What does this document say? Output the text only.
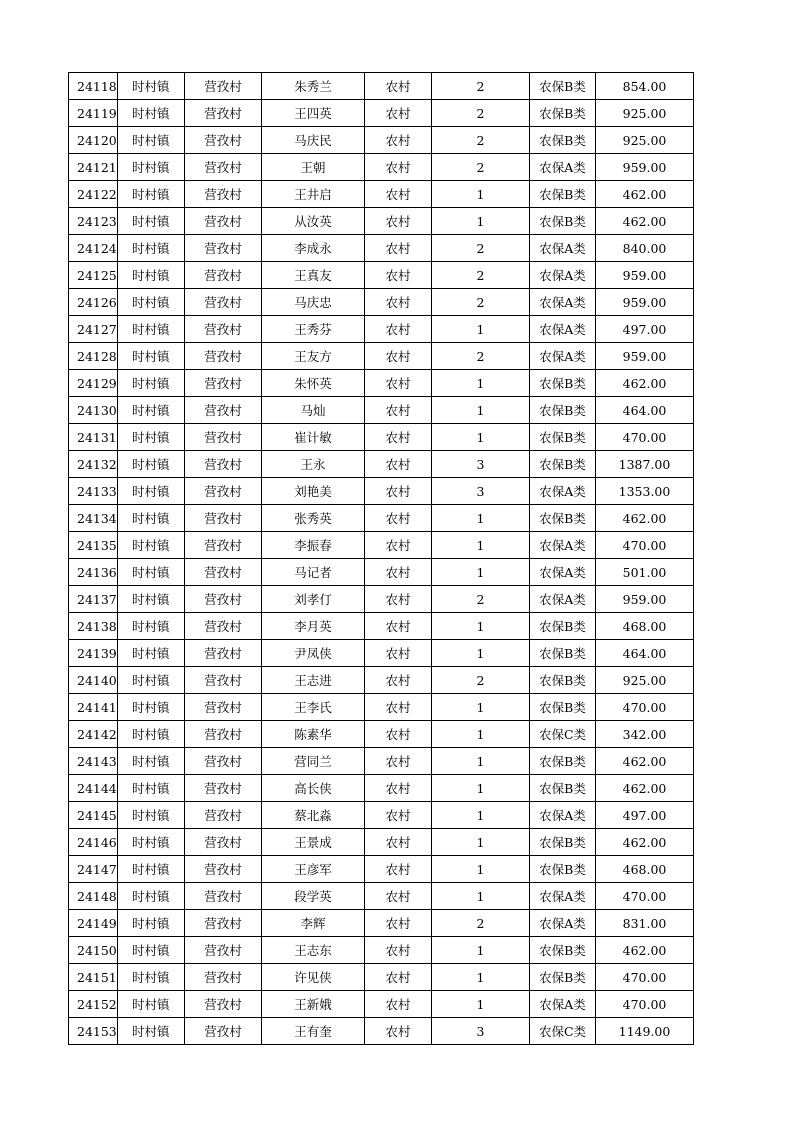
24118	时村镇	营孜村	朱秀兰	农村	2	农保B类	854.00
24119	时村镇	营孜村	王四英	农村	2	农保B类	925.00
24120	时村镇	营孜村	马庆民	农村	2	农保B类	925.00
24121	时村镇	营孜村	王朝	农村	2	农保A类	959.00
24122	时村镇	营孜村	王井启	农村	1	农保B类	462.00
24123	时村镇	营孜村	从汝英	农村	1	农保B类	462.00
24124	时村镇	营孜村	李成永	农村	2	农保A类	840.00
24125	时村镇	营孜村	王真友	农村	2	农保A类	959.00
24126	时村镇	营孜村	马庆忠	农村	2	农保A类	959.00
24127	时村镇	营孜村	王秀芬	农村	1	农保A类	497.00
24128	时村镇	营孜村	王友方	农村	2	农保A类	959.00
24129	时村镇	营孜村	朱怀英	农村	1	农保B类	462.00
24130	时村镇	营孜村	马灿	农村	1	农保B类	464.00
24131	时村镇	营孜村	崔计敏	农村	1	农保B类	470.00
24132	时村镇	营孜村	王永	农村	3	农保B类	1387.00
24133	时村镇	营孜村	刘艳美	农村	3	农保A类	1353.00
24134	时村镇	营孜村	张秀英	农村	1	农保B类	462.00
24135	时村镇	营孜村	李振春	农村	1	农保A类	470.00
24136	时村镇	营孜村	马记者	农村	1	农保A类	501.00
24137	时村镇	营孜村	刘孝仃	农村	2	农保A类	959.00
24138	时村镇	营孜村	李月英	农村	1	农保B类	468.00
24139	时村镇	营孜村	尹凤侠	农村	1	农保B类	464.00
24140	时村镇	营孜村	王志进	农村	2	农保B类	925.00
24141	时村镇	营孜村	王李氏	农村	1	农保B类	470.00
24142	时村镇	营孜村	陈素华	农村	1	农保C类	342.00
24143	时村镇	营孜村	营同兰	农村	1	农保B类	462.00
24144	时村镇	营孜村	高长侠	农村	1	农保B类	462.00
24145	时村镇	营孜村	蔡北淼	农村	1	农保A类	497.00
24146	时村镇	营孜村	王景成	农村	1	农保B类	462.00
24147	时村镇	营孜村	王彦军	农村	1	农保B类	468.00
24148	时村镇	营孜村	段学英	农村	1	农保A类	470.00
24149	时村镇	营孜村	李辉	农村	2	农保A类	831.00
24150	时村镇	营孜村	王志东	农村	1	农保B类	462.00
24151	时村镇	营孜村	许见侠	农村	1	农保B类	470.00
24152	时村镇	营孜村	王新娥	农村	1	农保A类	470.00
24153	时村镇	营孜村	王有奎	农村	3	农保C类	1149.00
